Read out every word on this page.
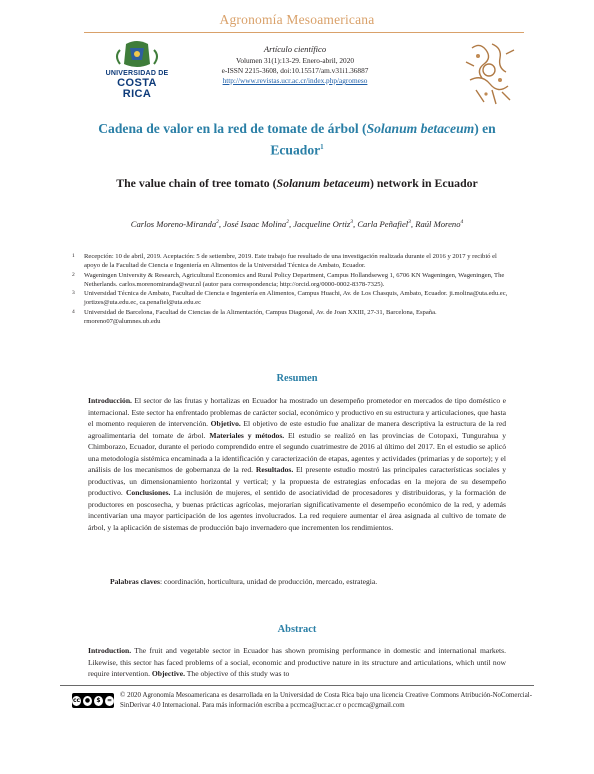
Agronomía Mesoamericana
UNIVERSIDAD DE
COSTA RICA
Artículo científico
Volumen 31(1):13-29. Enero-abril, 2020
e-ISSN 2215-3608, doi:10.15517/am.v31i1.36887
http://www.revistas.ucr.ac.cr/index.php/agromeso
Cadena de valor en la red de tomate de árbol (Solanum betaceum) en Ecuador$^1$
The value chain of tree tomato (Solanum betaceum) network in Ecuador
Carlos Moreno-Miranda$^2$, José Isaac Molina$^2$, Jacqueline Ortiz$^3$, Carla Peñafiel$^3$, Raúl Moreno$^4$
1	Recepción: 10 de abril, 2019. Aceptación: 5 de setiembre, 2019. Este trabajo fue resultado de una investigación realizada durante el 2016 y 2017 y recibió el apoyo de la Facultad de Ciencia e Ingeniería en Alimentos de la Universidad Técnica de Ambato, Ecuador.
2	Wageningen University & Research, Agricultural Economics and Rural Policy Department, Campus Hollandseweg 1, 6706 KN Wageningen, Wageningen, The Netherlands. carlos.morenomiranda@wur.nl (autor para correspondencia; http://orcid.org/0000-0002-8378-7325).
3	Universidad Técnica de Ambato, Facultad de Ciencia e Ingeniería en Alimentos, Campus Huachi, Av. de Los Chasquis, Ambato, Ecuador. ji.molina@uta.edu.ec, jortizes@uta.edu.ec, ca.penafiel@uta.edu.ec
4	Universidad de Barcelona, Facultad de Ciencias de la Alimentación, Campus Diagonal, Av. de Joan XXIII, 27-31, Barcelona, España. rmoreno07@alumnes.ub.edu
Resumen
Introducción. El sector de las frutas y hortalizas en Ecuador ha mostrado un desempeño prometedor en mercados de tipo doméstico e internacional. Este sector ha enfrentado problemas de carácter social, económico y productivo en su estructura y articulaciones, que hasta el momento requieren de intervención. Objetivo. El objetivo de este estudio fue analizar de manera descriptiva la estructura de la red agroalimentaria del tomate de árbol. Materiales y métodos. El estudio se realizó en las provincias de Cotopaxi, Tungurahua y Chimborazo, Ecuador, durante el periodo comprendido entre el segundo cuatrimestre de 2016 al último del 2017. En el estudio se aplicó una metodología sistémica encaminada a la identificación y caracterización de etapas, agentes y actividades (primarias y de soporte); y el análisis de los mecanismos de gobernanza de la red. Resultados. El presente estudio mostró las principales características sociales y productivas, un dimensionamiento horizontal y vertical; y la propuesta de estrategias enfocadas en la mejora de su desempeño productivo. Conclusiones. La inclusión de mujeres, el sentido de asociatividad de procesadores y distribuidoras, y la formación de productores en poscosecha, y buenas prácticas agrícolas, mejorarían significativamente el desempeño económico de la red, y además incentivarían una mayor participación de los agentes involucrados. La red requiere aumentar el área asignada al cultivo de tomate de árbol, y la aplicación de sistemas de producción bajo invernadero que incrementen los rendimientos.
Palabras claves: coordinación, horticultura, unidad de producción, mercado, estrategia.
Abstract
Introduction. The fruit and vegetable sector in Ecuador has shown promising performance in domestic and international markets. Likewise, this sector has faced problems of a social, economic and productive nature in its structure and articulations, which until now require intervention. Objective. The objective of this study was to
cc ●	$	=
© 2020 Agronomía Mesoamericana es desarrollada en la Universidad de Costa Rica bajo una licencia Creative Commons Atribución-NoComercial-SinDerivar 4.0 Internacional. Para más información escriba a pccmca@ucr.ac.cr o pccmca@gmail.com
